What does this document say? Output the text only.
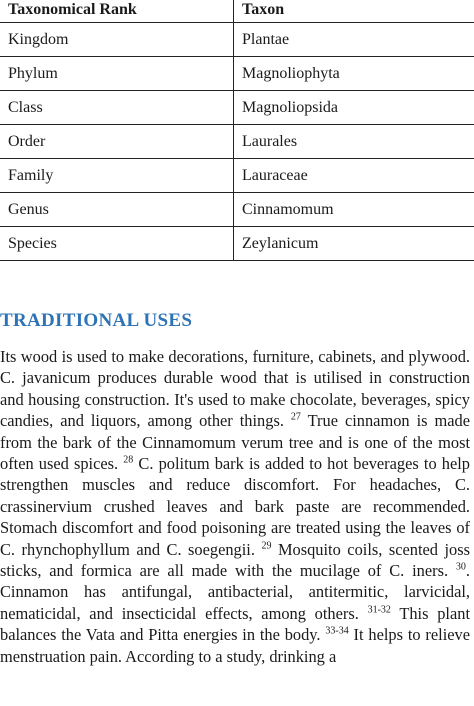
Taxonomical Rank	Taxon
Kingdom	Plantae
Phylum	Magnoliophyta
Class	Magnoliopsida
Order	Laurales
Family	Lauraceae
Genus	Cinnamomum
Species	Zeylanicum
TRADITIONAL USES

Its wood is used to make decorations, furniture, cabinets, and plywood. C. javanicum produces durable wood that is utilised in construction and housing construction. It's used to make chocolate, beverages, spicy candies, and liquors, among other things. $^{27}$ True cinnamon is made from the bark of the Cinnamomum verum tree and is one of the most often used spices. $^{28}$ C. politum bark is added to hot beverages to help strengthen muscles and reduce discomfort. For headaches, C. crassinervium crushed leaves and bark paste are recommended. Stomach discomfort and food poisoning are treated using the leaves of C. rhynchophyllum and C. soegengii. $^{29}$ Mosquito coils, scented joss sticks, and formica are all made with the mucilage of C. iners. $^{30}$. Cinnamon has antifungal, antibacterial, antitermitic, larvicidal, nematicidal, and insecticidal effects, among others. $^{31-32}$ This plant balances the Vata and Pitta energies in the body. $^{33-34}$ It helps to relieve menstruation pain. According to a study, drinking a
